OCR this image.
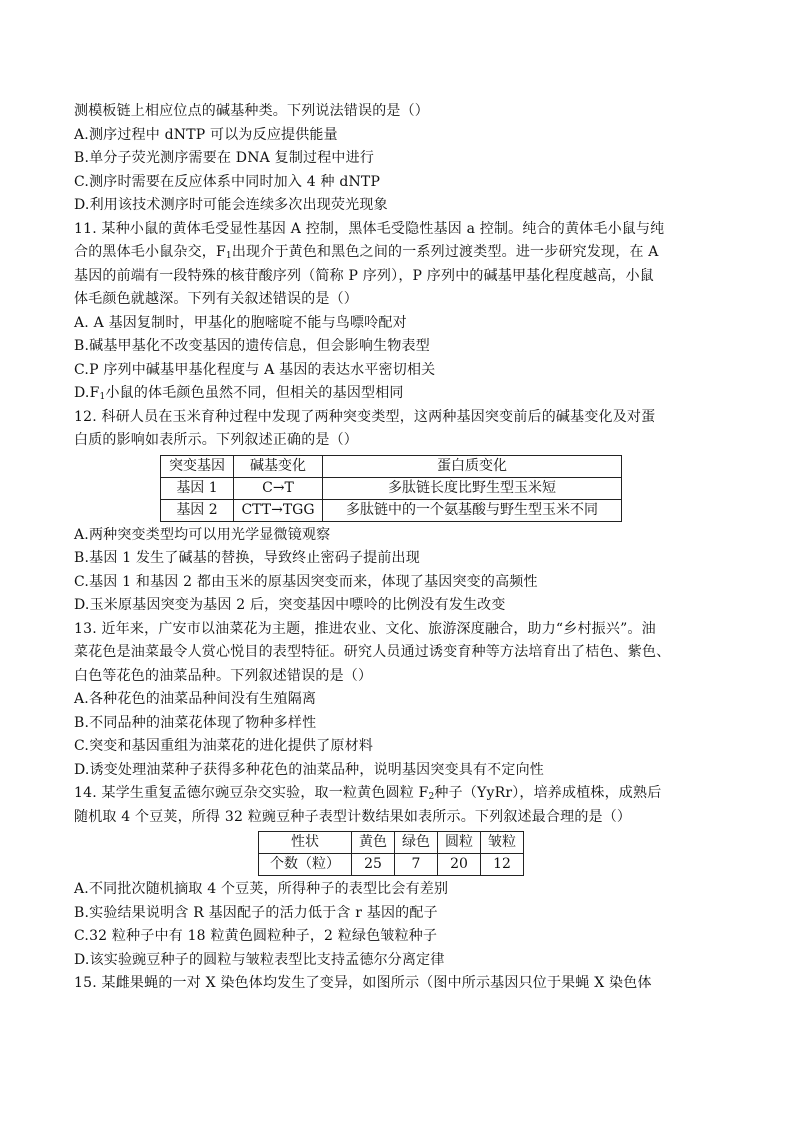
测模板链上相应位点的碱基种类。下列说法错误的是（）
A.测序过程中 dNTP 可以为反应提供能量
B.单分子荧光测序需要在 DNA 复制过程中进行
C.测序时需要在反应体系中同时加入 4 种 dNTP
D.利用该技术测序时可能会连续多次出现荧光现象
11. 某种小鼠的黄体毛受显性基因 A 控制，黑体毛受隐性基因 a 控制。纯合的黄体毛小鼠与纯
合的黑体毛小鼠杂交，$F_1$出现介于黄色和黑色之间的一系列过渡类型。进一步研究发现，在 A
基因的前端有一段特殊的核苷酸序列（简称 P 序列），P 序列中的碱基甲基化程度越高，小鼠
体毛颜色就越深。下列有关叙述错误的是（）
A. A 基因复制时，甲基化的胞嘧啶不能与鸟嘌呤配对
B.碱基甲基化不改变基因的遗传信息，但会影响生物表型
C.P 序列中碱基甲基化程度与 A 基因的表达水平密切相关
$D.F_1$小鼠的体毛颜色虽然不同，但相关的基因型相同
12. 科研人员在玉米育种过程中发现了两种突变类型，这两种基因突变前后的碱基变化及对蛋
白质的影响如表所示。下列叙述正确的是（）
突变基因	碱基变化	蛋白质变化
基因 1	C→T	多肽链长度比野生型玉米短
基因 2	CTT→TGG	多肽链中的一个氨基酸与野生型玉米不同
A.两种突变类型均可以用光学显微镜观察
B.基因 1 发生了碱基的替换，导致终止密码子提前出现
C.基因 1 和基因 2 都由玉米的原基因突变而来，体现了基因突变的高频性
D.玉米原基因突变为基因 2 后，突变基因中嘌呤的比例没有发生改变
13. 近年来，广安市以油菜花为主题，推进农业、文化、旅游深度融合，助力“乡村振兴”。油
菜花色是油菜最令人赏心悦目的表型特征。研究人员通过诱变育种等方法培育出了桔色、紫色、
白色等花色的油菜品种。下列叙述错误的是（）
A.各种花色的油菜品种间没有生殖隔离
B.不同品种的油菜花体现了物种多样性
C.突变和基因重组为油菜花的进化提供了原材料
D.诱变处理油菜种子获得多种花色的油菜品种，说明基因突变具有不定向性
14. 某学生重复孟德尔豌豆杂交实验，取一粒黄色圆粒 $F_2$种子（YyRr），培养成植株，成熟后
随机取 4 个豆荚，所得 32 粒豌豆种子表型计数结果如表所示。下列叙述最合理的是（）
性状	黄色	绿色	圆粒	皱粒
个数（粒）	25	7	20	12
A.不同批次随机摘取 4 个豆荚，所得种子的表型比会有差别
B.实验结果说明含 R 基因配子的活力低于含 r 基因的配子
C.32 粒种子中有 18 粒黄色圆粒种子，2 粒绿色皱粒种子
D.该实验豌豆种子的圆粒与皱粒表型比支持孟德尔分离定律
15. 某雌果蝇的一对 X 染色体均发生了变异，如图所示（图中所示基因只位于果蝇 X 染色体
